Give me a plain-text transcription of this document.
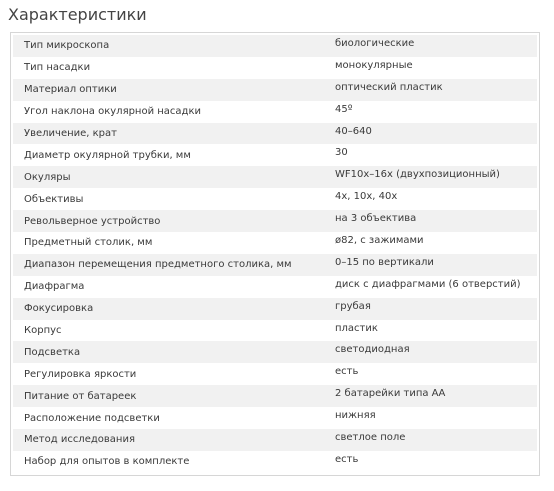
Характеристики
Тип микроскопа	биологические
Тип насадки	монокулярные
Материал оптики	оптический пластик
Угол наклона окулярной насадки	45º
Увеличение, крат	40–640
Диаметр окулярной трубки, мм	30
Окуляры	WF10x–16x (двухпозиционный)
Объективы	4x, 10x, 40x
Револьверное устройство	на 3 объектива
Предметный столик, мм	ø82, с зажимами
Диапазон перемещения предметного столика, мм	0–15 по вертикали
Диафрагма	диск с диафрагмами (6 отверстий)
Фокусировка	грубая
Корпус	пластик
Подсветка	светодиодная
Регулировка яркости	есть
Питание от батареек	2 батарейки типа АА
Расположение подсветки	нижняя
Метод исследования	светлое поле
Набор для опытов в комплекте	есть
